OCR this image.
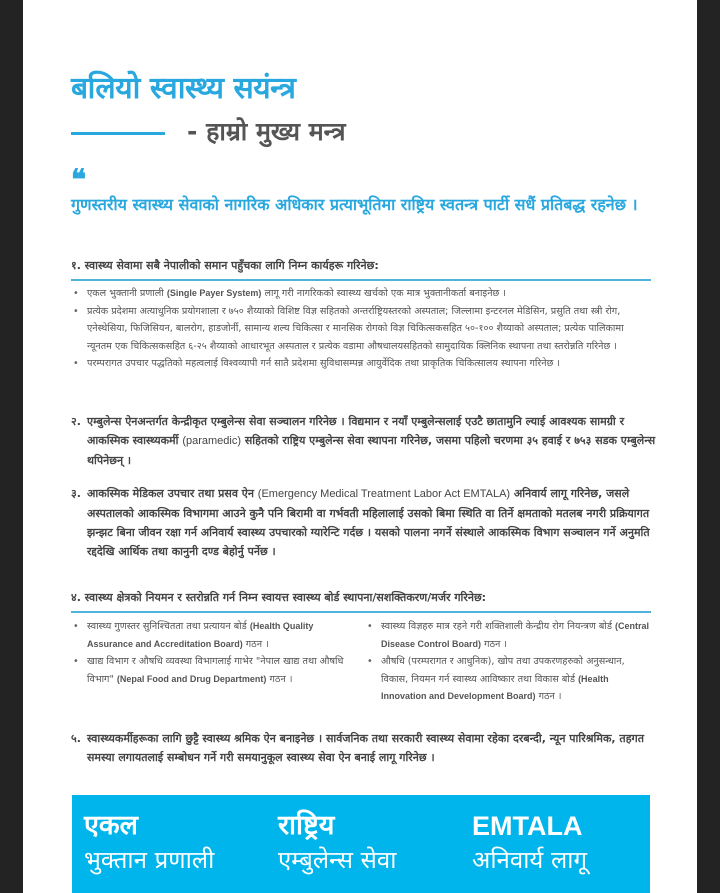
बलियो स्वास्थ्य सयंन्त्र
- हाम्रो मुख्य मन्त्र
❝
गुणस्तरीय स्वास्थ्य सेवाको नागरिक अधिकार प्रत्याभूतिमा राष्ट्रिय स्वतन्त्र पार्टी सधैं प्रतिबद्ध रहनेछ ।
१. स्वास्थ्य सेवामा सबै नेपालीको समान पहुँचका लागि निम्न कार्यहरू गरिनेछ:
• एकल भुक्तानी प्रणाली (Single Payer System) लागू गरी नागरिकको स्वास्थ्य खर्चको एक मात्र भुक्तानीकर्ता बनाइनेछ ।
• प्रत्येक प्रदेशमा अत्याधुनिक प्रयोगशाला र ७५० शैय्याको विशिष्ट विज्ञ सहितको अन्तर्राष्ट्रियस्तरको अस्पताल; जिल्लामा इन्टरनल मेडिसिन, प्रसुति तथा स्त्री रोग, एनेस्थेसिया, फिजिसियन, बालरोग, हाडजोर्नी, सामान्य शल्य चिकित्सा र मानसिक रोगको विज्ञ चिकित्सकसहित ५०-१०० शैय्याको अस्पताल; प्रत्येक पालिकामा न्यूनतम एक चिकित्सकसहित ६-२५ शैय्याको आधारभूत अस्पताल र प्रत्येक वडामा औषधालयसहितको सामुदायिक क्लिनिक स्थापना तथा स्तरोन्नति गरिनेछ ।
• परम्परागत उपचार पद्धतिको महत्वलाई विश्वव्यापी गर्न सातै प्रदेशमा सुविधासम्पन्न आयुर्वेदिक तथा प्राकृतिक चिकित्सालय स्थापना गरिनेछ ।
२. एम्बुलेन्स ऐनअन्तर्गत केन्द्रीकृत एम्बुलेन्स सेवा सञ्चालन गरिनेछ । विद्यमान र नयाँ एम्बुलेन्सलाई एउटै छातामुनि ल्याई आवश्यक सामग्री र आकस्मिक स्वास्थ्यकर्मी (paramedic) सहितको राष्ट्रिय एम्बुलेन्स सेवा स्थापना गरिनेछ, जसमा पहिलो चरणमा ३५ हवाई र ७५३ सडक एम्बुलेन्स थपिनेछन् ।
३. आकस्मिक मेडिकल उपचार तथा प्रसव ऐन (Emergency Medical Treatment Labor Act EMTALA) अनिवार्य लागू गरिनेछ, जसले अस्पतालको आकस्मिक विभागमा आउने कुनै पनि बिरामी वा गर्भवती महिलालाई उसको बिमा स्थिति वा तिर्ने क्षमताको मतलब नगरी प्रक्रियागत झन्झट बिना जीवन रक्षा गर्न अनिवार्य स्वास्थ्य उपचारको ग्यारेन्टि गर्दछ । यसको पालना नगर्ने संस्थाले आकस्मिक विभाग सञ्चालन गर्ने अनुमति रद्ददेखि आर्थिक तथा कानुनी दण्ड बेहोर्नु पर्नेछ ।
४. स्वास्थ्य क्षेत्रको नियमन र स्तरोन्नति गर्न निम्न स्वायत्त स्वास्थ्य बोर्ड स्थापना/सशक्तिकरण/मर्जर गरिनेछ:
• स्वास्थ्य गुणस्तर सुनिश्चितता तथा प्रत्यायन बोर्ड (Health Quality Assurance and Accreditation Board) गठन ।
• खाद्य विभाग र औषधि व्यवस्था विभागलाई गाभेर "नेपाल खाद्य तथा औषधि विभाग" (Nepal Food and Drug Department) गठन ।
• स्वास्थ्य विज्ञहरु मात्र रहने गरी शक्तिशाली केन्द्रीय रोग नियन्त्रण बोर्ड (Central Disease Control Board) गठन ।
• औषधि (परम्परागत र आधुनिक), खोप तथा उपकरणहरुको अनुसन्धान, विकास, नियमन गर्न स्वास्थ्य आविष्कार तथा विकास बोर्ड (Health Innovation and Development Board) गठन ।
५. स्वास्थ्यकर्मीहरूका लागि छुट्टै स्वास्थ्य श्रमिक ऐन बनाइनेछ । सार्वजनिक तथा सरकारी स्वास्थ्य सेवामा रहेका दरबन्दी, न्यून पारिश्रमिक, तहगत समस्या लगायतलाई सम्बोधन गर्ने गरी समयानुकूल स्वास्थ्य सेवा ऐन बनाई लागू गरिनेछ ।
एकल
भुक्तान प्रणाली
राष्ट्रिय
एम्बुलेन्स सेवा
EMTALA
अनिवार्य लागू
